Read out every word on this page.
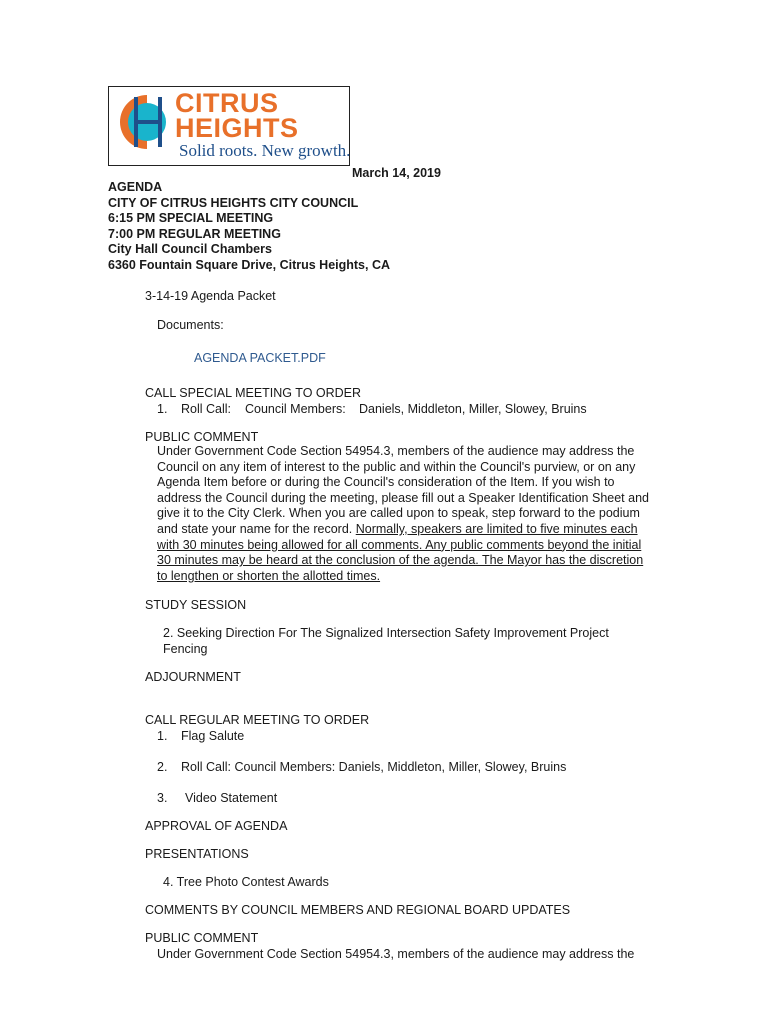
CITRUS
HEIGHTS
Solid roots. New growth.
March 14, 2019
AGENDA
CITY OF CITRUS HEIGHTS CITY COUNCIL
6:15 PM SPECIAL MEETING
7:00 PM REGULAR MEETING
City Hall Council Chambers
6360 Fountain Square Drive, Citrus Heights, CA
3-14-19 Agenda Packet
Documents:
AGENDA PACKET.PDF
CALL SPECIAL MEETING TO ORDER
1. Roll Call: Council Members: Daniels, Middleton, Miller, Slowey, Bruins
PUBLIC COMMENT
Under Government Code Section 54954.3, members of the audience may address the
Council on any item of interest to the public and within the Council's purview, or on any
Agenda Item before or during the Council's consideration of the Item. If you wish to
address the Council during the meeting, please fill out a Speaker Identification Sheet and
give it to the City Clerk. When you are called upon to speak, step forward to the podium
and state your name for the record. Normally, speakers are limited to five minutes each
with 30 minutes being allowed for all comments. Any public comments beyond the initial
30 minutes may be heard at the conclusion of the agenda. The Mayor has the discretion
to lengthen or shorten the allotted times.
STUDY SESSION
2. Seeking Direction For The Signalized Intersection Safety Improvement Project
Fencing
ADJOURNMENT
CALL REGULAR MEETING TO ORDER
1. Flag Salute
2. Roll Call: Council Members: Daniels, Middleton, Miller, Slowey, Bruins
3. Video Statement
APPROVAL OF AGENDA
PRESENTATIONS
4. Tree Photo Contest Awards
COMMENTS BY COUNCIL MEMBERS AND REGIONAL BOARD UPDATES
PUBLIC COMMENT
Under Government Code Section 54954.3, members of the audience may address the
